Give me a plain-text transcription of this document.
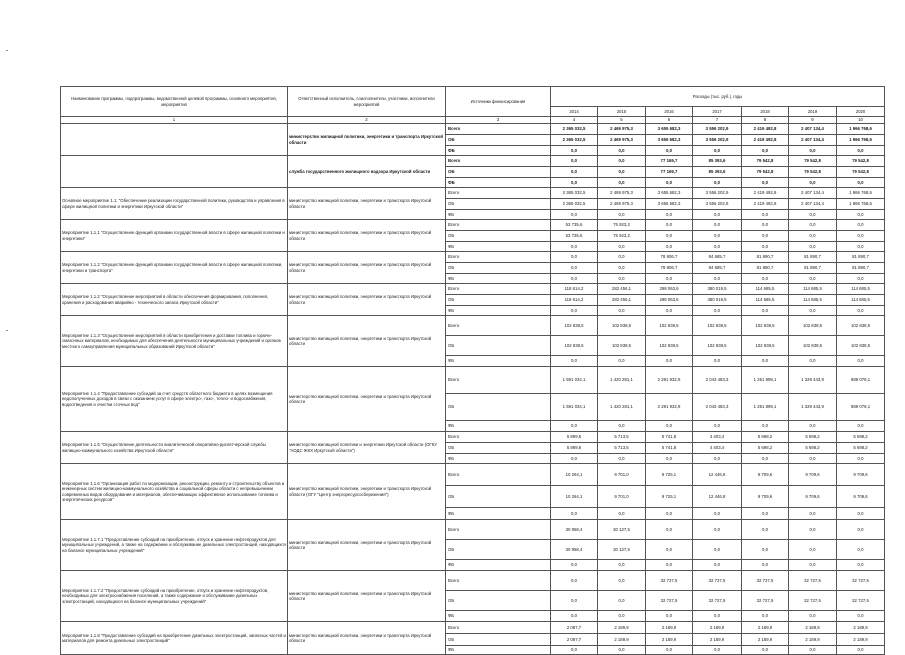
Наименование программы, подпрограммы, ведомственной целевой программы, основного мероприятия, мероприятия	Ответственный исполнитель, соисполнители, участники, исполнители мероприятий	Источники финансирования	Расходы (тыс. руб.), годы						
			2014	2015	2016	2017	2018	2019	2020
1	2	3	4	5	6	7	8	9	10
	министерство жилищной политики, энергетики и транспорта Иркутской области	Всего	2 365 032,5	2 469 975,3	3 655 682,3	3 556 202,9	2 419 492,8	2 407 134,4	1 966 768,6
		ОБ	2 365 032,5	2 469 975,3	3 655 682,3	3 556 202,9	2 419 492,8	2 407 134,4	1 966 768,6
		ФБ	0,0	0,0	0,0	0,0	0,0	0,0	0,0
	служба государственного жилищного надзора Иркутской области	Всего	0,0	0,0	77 169,7	85 393,6	79 542,8	79 542,8	79 542,8
		ОБ	0,0	0,0	77 169,7	85 393,6	79 542,8	79 542,8	79 542,8
		ФБ	0,0	0,0	0,0	0,0	0,0	0,0	0,0
Основное мероприятие 1.1. "Обеспечение реализации государственной политики, руководства и управления в сфере жилищной политики и энергетики Иркутской области"	министерство жилищной политики, энергетики и транспорта Иркутской области	Всего	2 365 032,5	2 469 975,3	3 655 682,3	3 556 202,9	2 419 492,8	2 407 134,4	1 966 768,6
		ОБ	2 365 032,5	2 469 975,3	3 655 682,3	3 556 202,9	2 419 492,8	2 407 134,4	1 966 768,6
		ФБ	0,0	0,0	0,0	0,0	0,0	0,0	0,0
Мероприятие 1.1.1 "Осуществление функций органами государственной власти в сфере жилищной политики и энергетики"	министерство жилищной политики, энергетики и транспорта Иркутской области	Всего	53 735,6	75 923,2	0,0	0,0	0,0	0,0	0,0
		ОБ	53 735,6	75 923,2	0,0	0,0	0,0	0,0	0,0
		ФБ	0,0	0,0	0,0	0,0	0,0	0,0	0,0
Мероприятие 1.1.2 "Осуществление функций органами государственной власти в сфере жилищной политики, энергетики и транспорта"	министерство жилищной политики, энергетики и транспорта Иркутской области	Всего	0,0	0,0	78 806,7	84 685,7	81 890,7	81 890,7	81 890,7
		ОБ	0,0	0,0	78 806,7	84 685,7	81 890,7	81 890,7	81 890,7
		ФБ	0,0	0,0	0,0	0,0	0,0	0,0	0,0
Мероприятие 1.1.2 "Осуществление мероприятий в области обеспечения формирования, пополнения, хранения и расходования аварийно - технического запаса Иркутской области"	министерство жилищной политики, энергетики и транспорта Иркутской области	Всего	118 614,2	282 456,1	298 063,6	380 019,5	114 685,5	114 685,5	114 685,5
		ОБ	118 614,2	282 456,1	298 063,6	380 019,5	114 685,5	114 685,5	114 685,5
		ФБ	0,0	0,0	0,0	0,0	0,0	0,0	0,0
Мероприятие 1.1.3 "Осуществление мероприятий в области приобретения и доставки топлива и горюче-смазочных материалов, необходимых для обеспечения деятельности муниципальных учреждений и органов местного самоуправления муниципальных образований Иркутской области"	министерство жилищной политики, энергетики и транспорта Иркутской области	Всего	102 838,5	102 838,5	102 838,5	102 838,5	102 838,5	102 838,5	102 838,5
		ОБ	102 838,5	102 838,5	102 838,5	102 838,5	102 838,5	102 838,5	102 838,5
		ФБ	0,0	0,0	0,0	0,0	0,0	0,0	0,0
Мероприятие 1.1.4 "Предоставление субсидий за счет средств областного бюджета в целях возмещения недополученных доходов в связи с оказанием услуг в сфере электро-, газо-, тепло- и водоснабжения, водоотведения и очистки сточных вод"	министерство жилищной политики, энергетики и транспорта Иркутской области	Всего	1 591 034,1	1 420 281,1	2 291 932,9	2 043 483,3	1 251 899,1	1 329 443,9	889 078,1
		ОБ	1 591 034,1	1 420 281,1	2 291 932,9	2 043 483,3	1 251 899,1	1 329 443,9	889 078,1
		ФБ	0,0	0,0	0,0	0,0	0,0	0,0	0,0
Мероприятие 1.1.5 "Осуществление деятельности аналитической оперативно-диспетчерской службы жилищно-коммунального хозяйства Иркутской области"	министерство жилищной политики и энергетики Иркутской области (ОГКУ "АОДС ЖКХ Иркутской области")	Всего	5 899,6	5 713,5	5 741,8	4 403,4	5 698,2	5 698,2	5 698,2
		ОБ	5 899,6	5 713,5	5 741,8	4 403,4	5 698,2	5 698,2	5 698,2
		ФБ	0,0	0,0	0,0	0,0	0,0	0,0	0,0
Мероприятие 1.1.6 "Организация работ по модернизации, реконструкции, ремонту и строительству объектов и инженерных систем жилищно-коммунального хозяйства и социальной сферы области с непревышением современных видов оборудования и материалов, обеспечивающих эффективное использование топлива и энергетических ресурсов"	министерство жилищной политики, энергетики и транспорта Иркутской области (ОГУ "Центр энергоресурсосбережения")	Всего	10 264,1	9 701,0	9 725,1	12 446,8	9 709,6	9 709,6	9 709,6
		ОБ	10 264,1	9 701,0	9 725,1	12 446,8	9 709,6	9 709,6	9 709,6
		ФБ	0,0	0,0	0,0	0,0	0,0	0,0	0,0
Мероприятие 1.1.7.1 "Предоставление субсидий на приобретение, отпуск и хранение нефтепродуктов для муниципальных учреждений, а также на содержание и обслуживание дизельных электростанций, находящихся на балансе муниципальных учреждений"	министерство жилищной политики, энергетики и транспорта Иркутской области	Всего	30 958,4	30 127,5	0,0	0,0	0,0	0,0	0,0
		ОБ	30 958,4	30 127,5	0,0	0,0	0,0	0,0	0,0
		ФБ	0,0	0,0	0,0	0,0	0,0	0,0	0,0
Мероприятие 1.1.7.2 "Предоставление субсидий на приобретение, отпуск и хранение нефтепродуктов, необходимых для электроснабжения поселений, а также содержание и обслуживание дизельных электростанций, находящихся на балансе муниципальных учреждений"	министерство жилищной политики, энергетики и транспорта Иркутской области	Всего	0,0	0,0	32 727,5	32 727,5	32 727,5	32 727,5	32 727,5
		ОБ	0,0	0,0	32 727,5	32 727,5	32 727,5	32 727,5	32 727,5
		ФБ	0,0	0,0	0,0	0,0	0,0	0,0	0,0
Мероприятие 1.1.8 "Предоставление субсидий на приобретение дизельных электростанций, запасных частей и материалов для ремонта дизельных электростанций"	министерство жилищной политики, энергетики и транспорта Иркутской области	Всего	2 087,7	2 189,9	2 189,9	2 189,9	2 189,9	2 189,9	2 189,9
		ОБ	2 087,7	2 189,9	2 189,9	2 189,9	2 189,9	2 189,9	2 189,9
		ФБ	0,0	0,0	0,0	0,0	0,0	0,0	0,0
